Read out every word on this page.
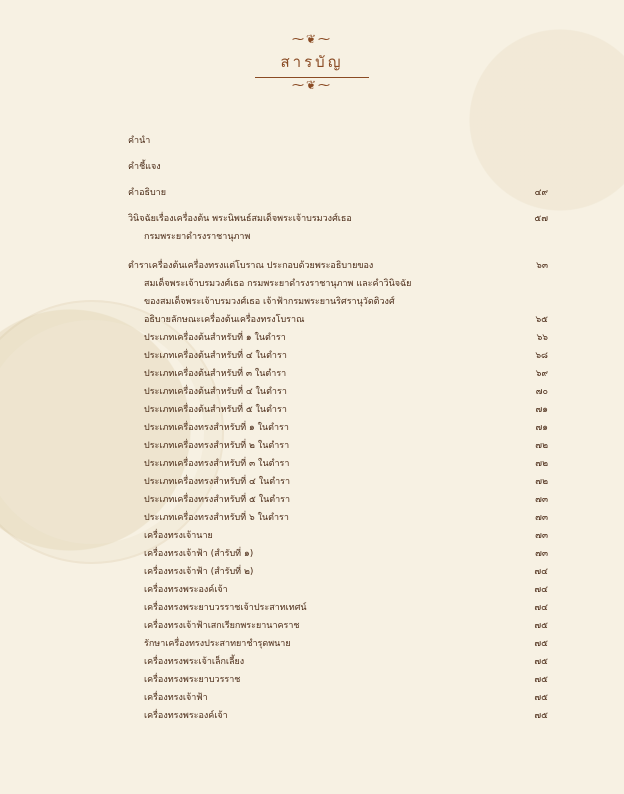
⁓❦⁓
สารบัญ
⁓❦⁓
คำนำ
คำชี้แจง
คำอธิบาย	๔๙
วินิจฉัยเรื่องเครื่องต้น พระนิพนธ์สมเด็จพระเจ้าบรมวงศ์เธอ	๕๗
กรมพระยาดำรงราชานุภาพ
ตำราเครื่องต้นเครื่องทรงแต่โบราณ ประกอบด้วยพระอธิบายของ	๖๓
สมเด็จพระเจ้าบรมวงศ์เธอ กรมพระยาดำรงราชานุภาพ และคำวินิจฉัย
ของสมเด็จพระเจ้าบรมวงศ์เธอ เจ้าฟ้ากรมพระยานริศรานุวัดติวงศ์
อธิบายลักษณะเครื่องต้นเครื่องทรงโบราณ	๖๕
ประเภทเครื่องต้นสำหรับที่ ๑ ในตำรา	๖๖
ประเภทเครื่องต้นสำหรับที่ ๔ ในตำรา	๖๘
ประเภทเครื่องต้นสำหรับที่ ๓ ในตำรา	๖๙
ประเภทเครื่องต้นสำหรับที่ ๔ ในตำรา	๗๐
ประเภทเครื่องต้นสำหรับที่ ๕ ในตำรา	๗๑
ประเภทเครื่องทรงสำหรับที่ ๑ ในตำรา	๗๑
ประเภทเครื่องทรงสำหรับที่ ๒ ในตำรา	๗๒
ประเภทเครื่องทรงสำหรับที่ ๓ ในตำรา	๗๒
ประเภทเครื่องทรงสำหรับที่ ๔ ในตำรา	๗๒
ประเภทเครื่องทรงสำหรับที่ ๕ ในตำรา	๗๓
ประเภทเครื่องทรงสำหรับที่ ๖ ในตำรา	๗๓
เครื่องทรงเจ้านาย	๗๓
เครื่องทรงเจ้าฟ้า (สำรับที่ ๑)	๗๓
เครื่องทรงเจ้าฟ้า (สำรับที่ ๒)	๗๔
เครื่องทรงพระองค์เจ้า	๗๔
เครื่องทรงพระยาบวรราชเจ้าประสาทเทศน์	๗๔
เครื่องทรงเจ้าฟ้าเสกเรียกพระยานาคราช	๗๕
รักษาเครื่องทรงประสาทยาชำรุดพนาย	๗๕
เครื่องทรงพระเจ้าเล็กเลี้ยง	๗๕
เครื่องทรงพระยาบวรราช	๗๕
เครื่องทรงเจ้าฟ้า	๗๕
เครื่องทรงพระองค์เจ้า	๗๕
